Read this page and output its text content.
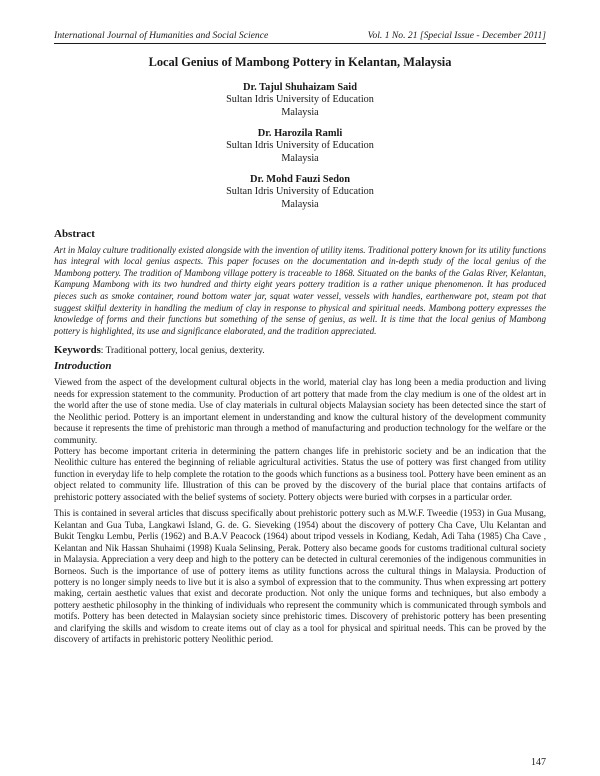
International Journal of Humanities and Social Science	Vol. 1 No. 21 [Special Issue - December 2011]
Local Genius of Mambong Pottery in Kelantan, Malaysia
Dr. Tajul Shuhaizam Said
Sultan Idris University of Education
Malaysia
Dr. Harozila Ramli
Sultan Idris University of Education
Malaysia
Dr. Mohd Fauzi Sedon
Sultan Idris University of Education
Malaysia
Abstract
Art in Malay culture traditionally existed alongside with the invention of utility items. Traditional pottery known for its utility functions has integral with local genius aspects. This paper focuses on the documentation and in-depth study of the local genius of the Mambong pottery. The tradition of Mambong village pottery is traceable to 1868. Situated on the banks of the Galas River, Kelantan, Kampung Mambong with its two hundred and thirty eight years pottery tradition is a rather unique phenomenon. It has produced pieces such as smoke container, round bottom water jar, squat water vessel, vessels with handles, earthenware pot, steam pot that suggest skilful dexterity in handling the medium of clay in response to physical and spiritual needs. Mambong pottery expresses the knowledge of forms and their functions but something of the sense of genius, as well. It is time that the local genius of Mambong pottery is highlighted, its use and significance elaborated, and the tradition appreciated.
Keywords: Traditional pottery, local genius, dexterity.
Introduction

Viewed from the aspect of the development cultural objects in the world, material clay has long been a media production and living needs for expression statement to the community. Production of art pottery that made from the clay medium is one of the oldest art in the world after the use of stone media. Use of clay materials in cultural objects Malaysian society has been detected since the start of the Neolithic period. Pottery is an important element in understanding and know the cultural history of the development community because it represents the time of prehistoric man through a method of manufacturing and production technology for the welfare or the community.

Pottery has become important criteria in determining the pattern changes life in prehistoric society and be an indication that the Neolithic culture has entered the beginning of reliable agricultural activities. Status the use of pottery was first changed from utility function in everyday life to help complete the rotation to the goods which functions as a business tool. Pottery have been eminent as an object related to community life. Illustration of this can be proved by the discovery of the burial place that contains artifacts of prehistoric pottery associated with the belief systems of society. Pottery objects were buried with corpses in a particular order.

This is contained in several articles that discuss specifically about prehistoric pottery such as M.W.F. Tweedie (1953) in Gua Musang, Kelantan and Gua Tuba, Langkawi Island, G. de. G. Sieveking (1954) about the discovery of pottery Cha Cave, Ulu Kelantan and Bukit Tengku Lembu, Perlis (1962) and B.A.V Peacock (1964) about tripod vessels in Kodiang, Kedah, Adi Taha (1985) Cha Cave , Kelantan and Nik Hassan Shuhaimi (1998) Kuala Selinsing, Perak. Pottery also became goods for customs traditional cultural society in Malaysia. Appreciation a very deep and high to the pottery can be detected in cultural ceremonies of the indigenous communities in Borneos. Such is the importance of use of pottery items as utility functions across the cultural things in Malaysia. Production of pottery is no longer simply needs to live but it is also a symbol of expression that to the community. Thus when expressing art pottery making, certain aesthetic values that exist and decorate production. Not only the unique forms and techniques, but also embody a pottery aesthetic philosophy in the thinking of individuals who represent the community which is communicated through symbols and motifs. Pottery has been detected in Malaysian society since prehistoric times. Discovery of prehistoric pottery has been presenting and clarifying the skills and wisdom to create items out of clay as a tool for physical and spiritual needs. This can be proved by the discovery of artifacts in prehistoric pottery Neolithic period.

147
